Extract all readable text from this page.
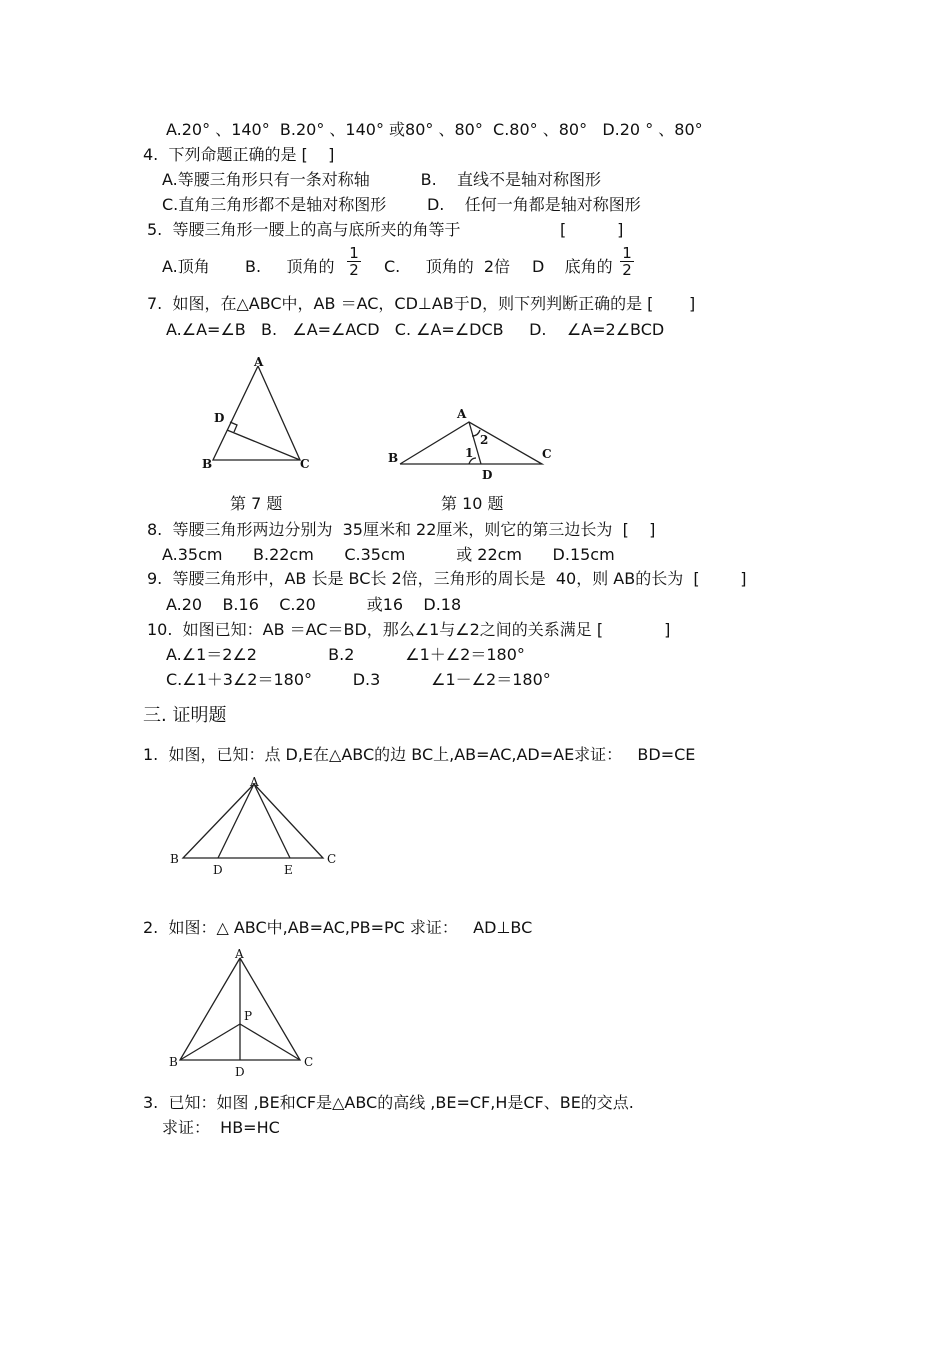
A.20° 、140°  B.20° 、140° 或80° 、80°  C.80° 、80°   D.20 ° 、80°
4.  下列命题正确的是 [    ]
A.等腰三角形只有一条对称轴          B.    直线不是轴对称图形
C.直角三角形都不是轴对称图形        D.    任何一角都是轴对称图形
5.  等腰三角形一腰上的高与底所夹的角等于	[          ]
A.顶角 B.     顶角的 $\frac{1}{2} C$.     顶角的  2倍 D    底角的 $\frac{1}{2}$
7.  如图，在△ABC中，AB ＝AC，CD⊥AB于D，则下列判断正确的是 [       ]
A.∠A=∠B   B.   ∠A=∠ACD   C. ∠A=∠DCB     D.    ∠A=2∠BCD
A
B	C
D	A
B	C
D
1
2
第 7 题	第 10 题
8.  等腰三角形两边分别为  35厘米和 22厘米，则它的第三边长为  [    ]
A.35cm      B.22cm      C.35cm          或 22cm      D.15cm
9.  等腰三角形中，AB 长是 BC长 2倍，三角形的周长是  40，则 AB的长为  [        ]
A.20    B.16    C.20          或16    D.18
10.  如图已知：AB ＝AC＝BD，那么∠1与∠2之间的关系满足 [            ]
A.∠1＝2∠2              B.2          ∠1＋∠2＝180°
C.∠1＋3∠2＝180°        D.3          ∠1－∠2＝180°
三. 证明题
1.  如图，已知：点 D,E在△ABC的边 BC上,AB=AC,AD=AE求证：   BD=CE
A
B	C
D	E
2.  如图：△ ABC中,AB=AC,PB=PC 求证：   AD⊥BC
A
B	C
D
P
3.  已知：如图 ,BE和CF是△ABC的高线 ,BE=CF,H是CF、BE的交点.
求证：  HB=HC
